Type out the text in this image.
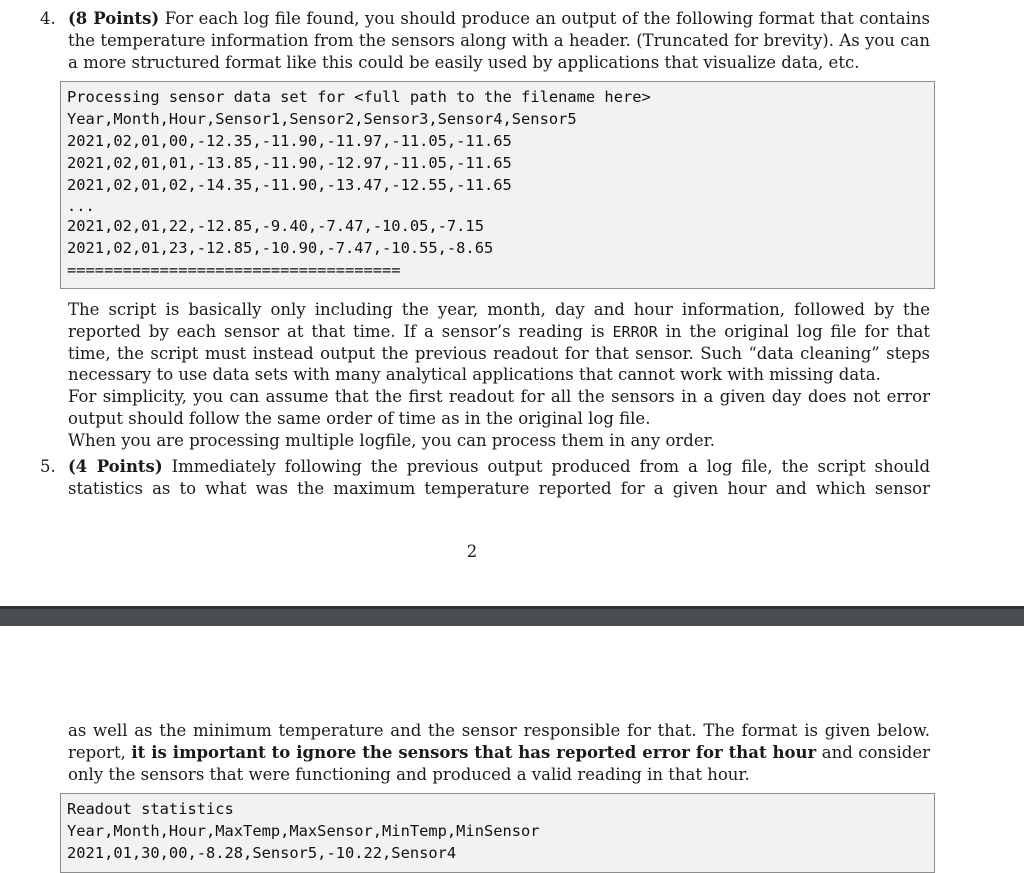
4. (8 Points) For each log file found, you should produce an output of the following format that contains
the temperature information from the sensors along with a header. (Truncated for brevity). As you can
a more structured format like this could be easily used by applications that visualize data, etc.
Processing sensor data set for <full path to the filename here>
Year,Month,Hour,Sensor1,Sensor2,Sensor3,Sensor4,Sensor5
2021,02,01,00,-12.35,-11.90,-11.97,-11.05,-11.65
2021,02,01,01,-13.85,-11.90,-12.97,-11.05,-11.65
2021,02,01,02,-14.35,-11.90,-13.47,-12.55,-11.65
...
2021,02,01,22,-12.85,-9.40,-7.47,-10.05,-7.15
2021,02,01,23,-12.85,-10.90,-7.47,-10.55,-8.65
====================================
The script is basically only including the year, month, day and hour information, followed by the
reported by each sensor at that time. If a sensor’s reading is ERROR in the original log file for that
time, the script must instead output the previous readout for that sensor. Such “data cleaning” steps
necessary to use data sets with many analytical applications that cannot work with missing data.
For simplicity, you can assume that the first readout for all the sensors in a given day does not error
output should follow the same order of time as in the original log file.
When you are processing multiple logfile, you can process them in any order.
5. (4 Points) Immediately following the previous output produced from a log file, the script should
statistics as to what was the maximum temperature reported for a given hour and which sensor
2
as well as the minimum temperature and the sensor responsible for that. The format is given below.
report, it is important to ignore the sensors that has reported error for that hour and consider
only the sensors that were functioning and produced a valid reading in that hour.
Readout statistics
Year,Month,Hour,MaxTemp,MaxSensor,MinTemp,MinSensor
2021,01,30,00,-8.28,Sensor5,-10.22,Sensor4
